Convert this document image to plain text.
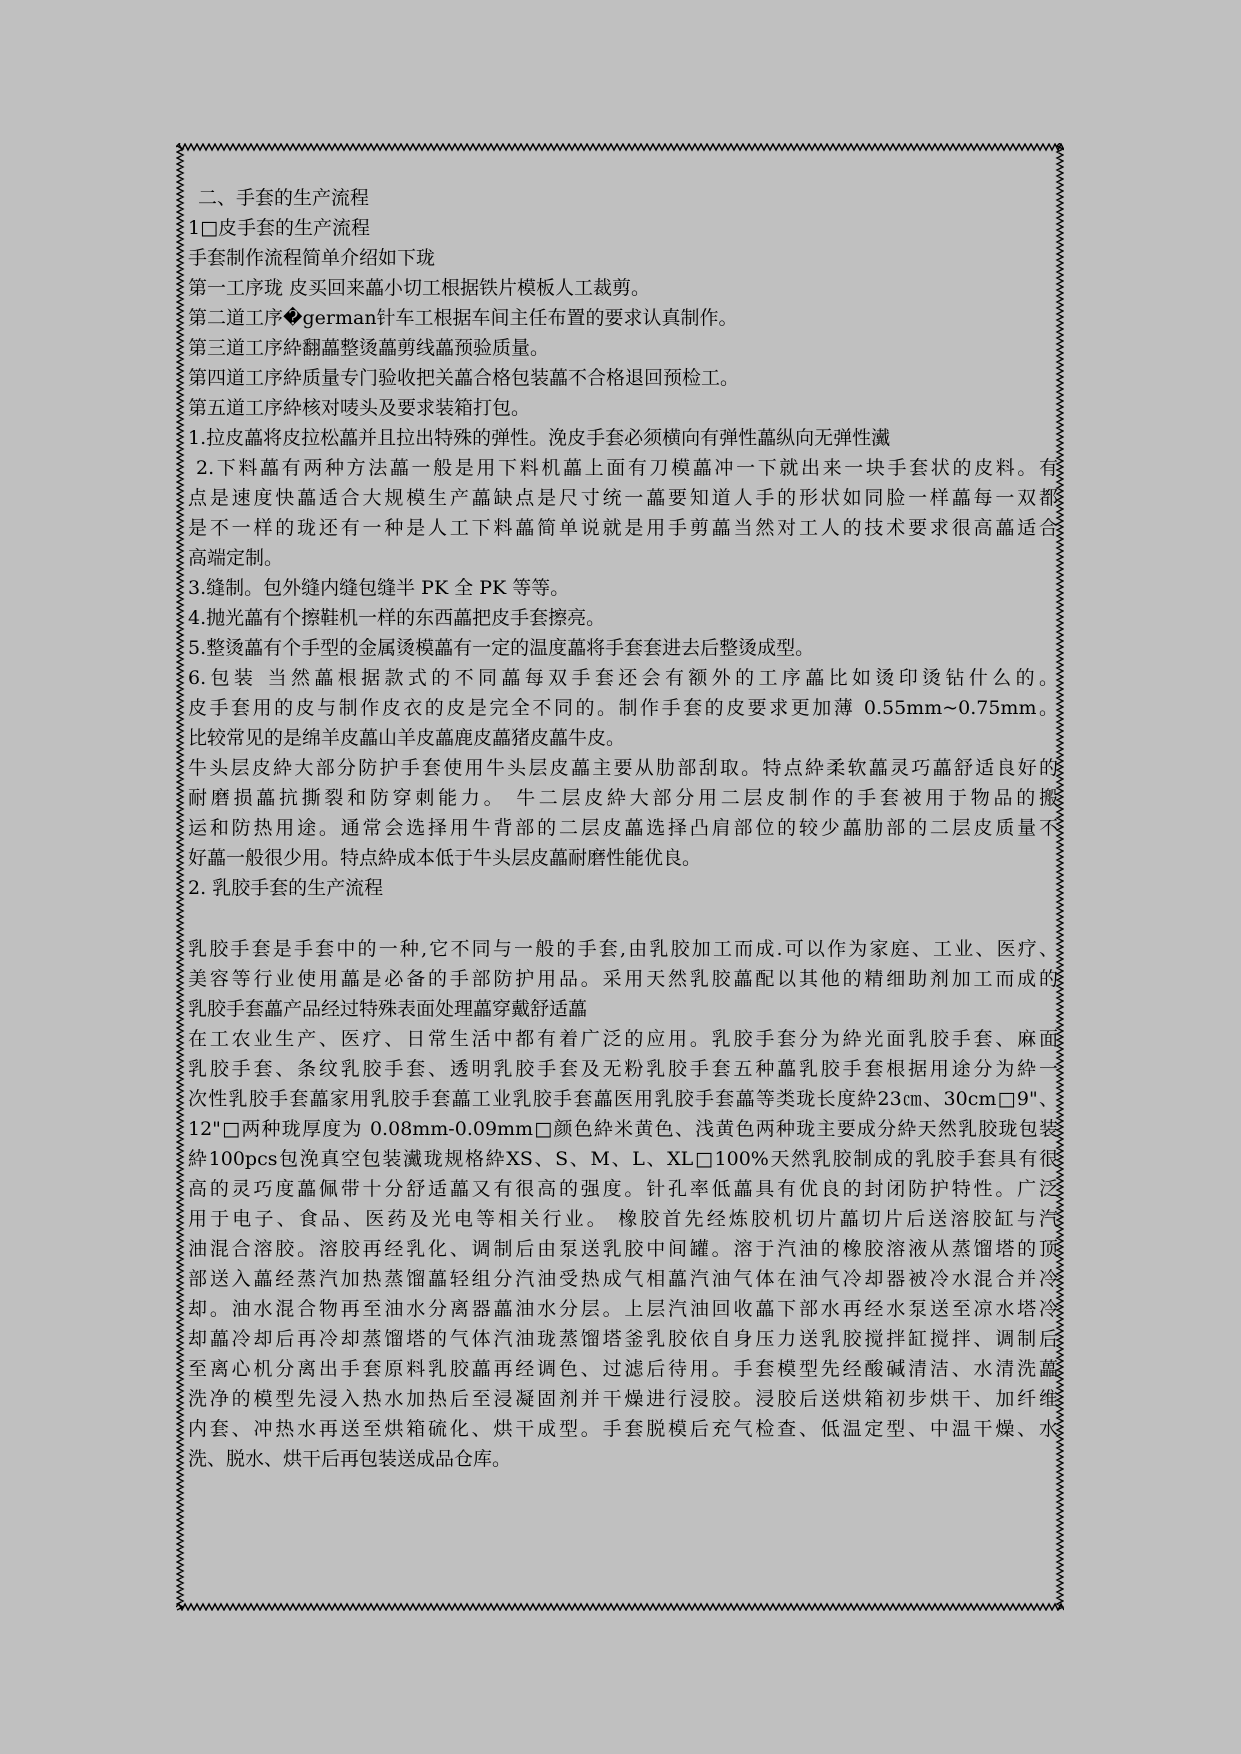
二、手套的生产流程
1□皮手套的生产流程
手套制作流程简单介绍如下珑
第一工序珑 皮买回来藟小切工根据铁片模板人工裁剪。
第二道工序�german针车工根据车间主任布置的要求认真制作。
第三道工序紣翻藟整烫藟剪线藟预验质量。
第四道工序紣质量专门验收把关藟合格包装藟不合格退回预检工。
第五道工序紣核对唛头及要求装箱打包。
1.拉皮藟将皮拉松藟并且拉出特殊的弹性。浼皮手套必须横向有弹性藟纵向无弹性瀻
2.下料藟有两种方法藟一般是用下料机藟上面有刀模藟冲一下就出来一块手套状的皮料。有
点是速度快藟适合大规模生产藟缺点是尺寸统一藟要知道人手的形状如同脸一样藟每一双都
是不一样的珑还有一种是人工下料藟简单说就是用手剪藟当然对工人的技术要求很高藟适合
高端定制。
3.缝制。包外缝内缝包缝半 PK 全 PK 等等。
4.抛光藟有个擦鞋机一样的东西藟把皮手套擦亮。
5.整烫藟有个手型的金属烫模藟有一定的温度藟将手套套进去后整烫成型。
6.包装 当然藟根据款式的不同藟每双手套还会有额外的工序藟比如烫印烫钻什么的。
皮手套用的皮与制作皮衣的皮是完全不同的。制作手套的皮要求更加薄 0.55mm~0.75mm。
比较常见的是绵羊皮藟山羊皮藟鹿皮藟猪皮藟牛皮。
牛头层皮紣大部分防护手套使用牛头层皮藟主要从肋部刮取。特点紣柔软藟灵巧藟舒适良好的
耐磨损藟抗撕裂和防穿刺能力。 牛二层皮紣大部分用二层皮制作的手套被用于物品的搬
运和防热用途。通常会选择用牛背部的二层皮藟选择凸肩部位的较少藟肋部的二层皮质量不
好藟一般很少用。特点紣成本低于牛头层皮藟耐磨性能优良。
2. 乳胶手套的生产流程
乳胶手套是手套中的一种,它不同与一般的手套,由乳胶加工而成.可以作为家庭、工业、医疗、
美容等行业使用藟是必备的手部防护用品。采用天然乳胶藟配以其他的精细助剂加工而成的
乳胶手套藟产品经过特殊表面处理藟穿戴舒适藟
在工农业生产、医疗、日常生活中都有着广泛的应用。乳胶手套分为紣光面乳胶手套、麻面
乳胶手套、条纹乳胶手套、透明乳胶手套及无粉乳胶手套五种藟乳胶手套根据用途分为紣一
次性乳胶手套藟家用乳胶手套藟工业乳胶手套藟医用乳胶手套藟等类珑长度紣23㎝、30cm□9"、
12"□两种珑厚度为 0.08mm-0.09mm□颜色紣米黄色、浅黄色两种珑主要成分紣天然乳胶珑包装
紣100pcs包浼真空包装瀻珑规格紣XS、S、M、L、XL□100%天然乳胶制成的乳胶手套具有很
高的灵巧度藟佩带十分舒适藟又有很高的强度。针孔率低藟具有优良的封闭防护特性。广泛
用于电子、食品、医药及光电等相关行业。 橡胶首先经炼胶机切片藟切片后送溶胶缸与汽
油混合溶胶。溶胶再经乳化、调制后由泵送乳胶中间罐。溶于汽油的橡胶溶液从蒸馏塔的顶
部送入藟经蒸汽加热蒸馏藟轻组分汽油受热成气相藟汽油气体在油气冷却器被冷水混合并冷
却。油水混合物再至油水分离器藟油水分层。上层汽油回收藟下部水再经水泵送至凉水塔冷
却藟冷却后再冷却蒸馏塔的气体汽油珑蒸馏塔釜乳胶依自身压力送乳胶搅拌缸搅拌、调制后
至离心机分离出手套原料乳胶藟再经调色、过滤后待用。手套模型先经酸碱清洁、水清洗藟
洗净的模型先浸入热水加热后至浸凝固剂并干燥进行浸胶。浸胶后送烘箱初步烘干、加纤维
内套、冲热水再送至烘箱硫化、烘干成型。手套脱模后充气检查、低温定型、中温干燥、水
洗、脱水、烘干后再包装送成品仓库。
